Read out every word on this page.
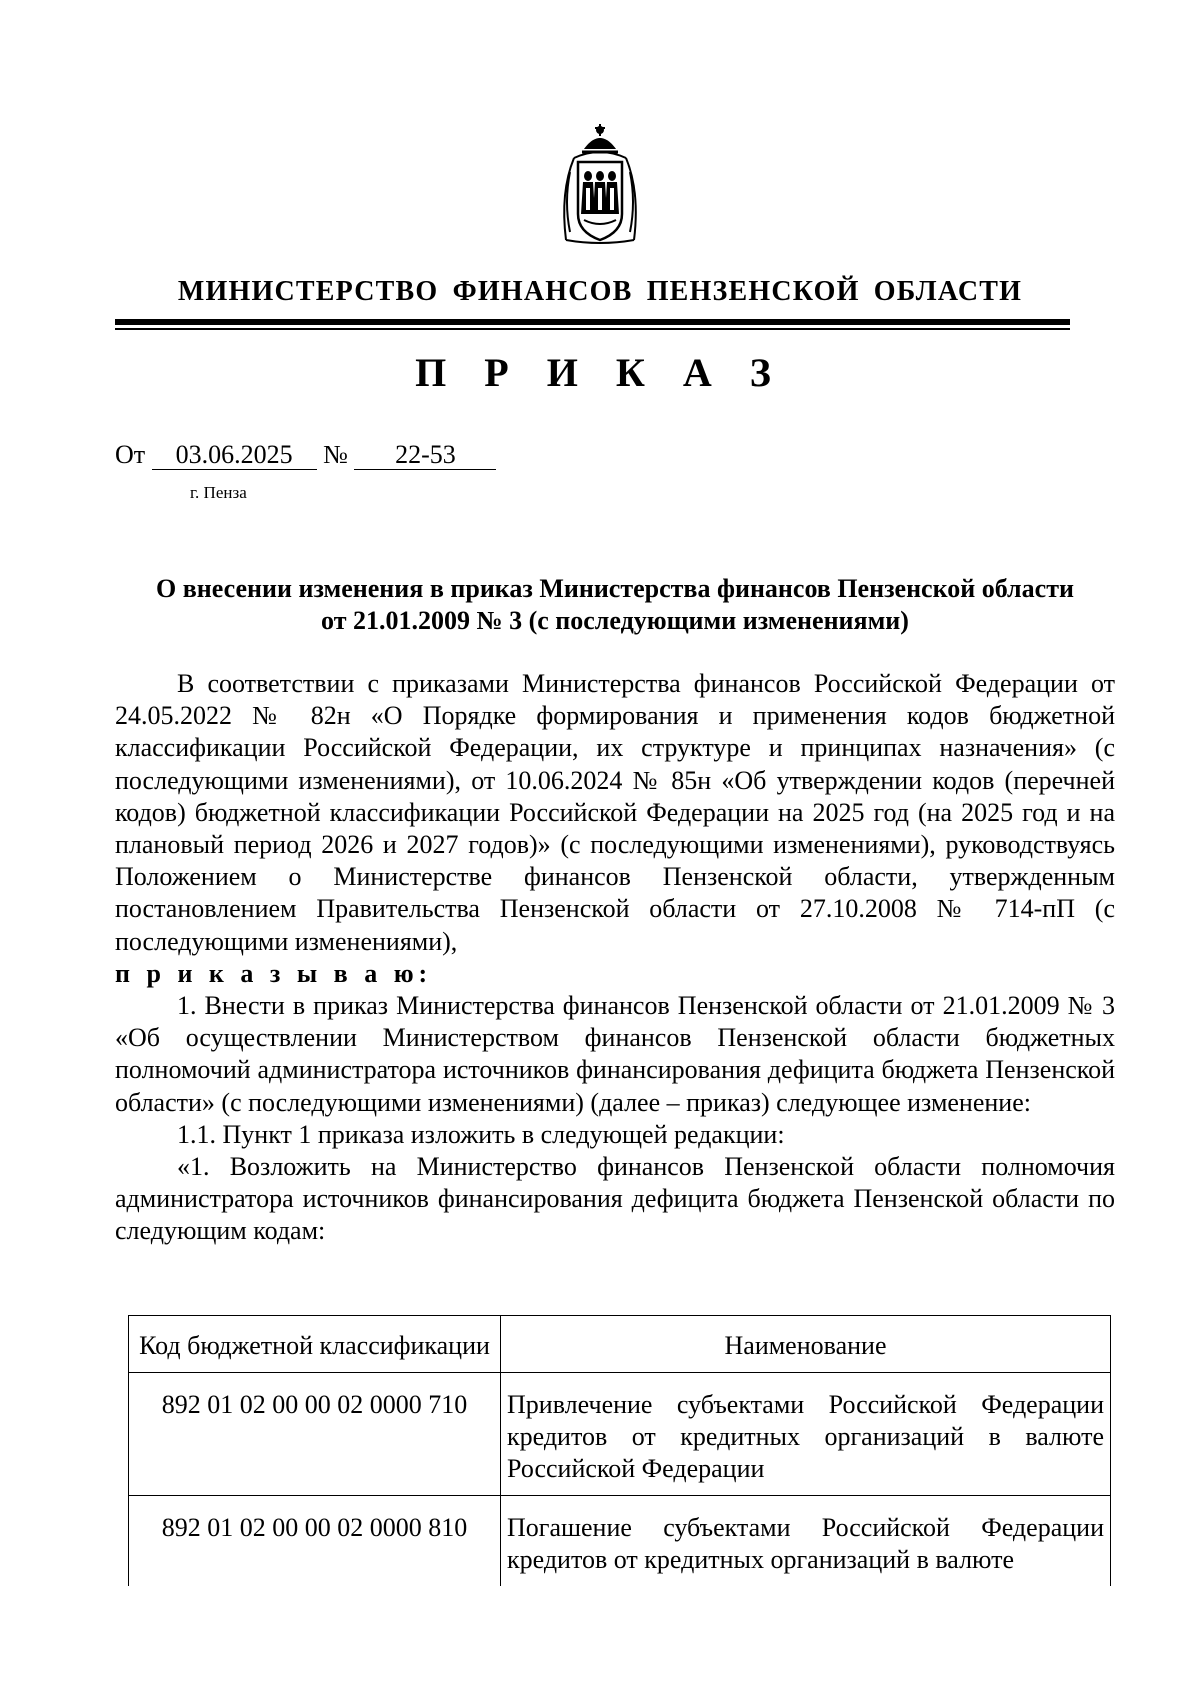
МИНИСТЕРСТВО ФИНАНСОВ ПЕНЗЕНСКОЙ ОБЛАСТИ
П Р И К А З
От 03.06.2025 № 22-53
г. Пенза
О внесении изменения в приказ Министерства финансов Пензенской области
от 21.01.2009 № 3 (с последующими изменениями)

В соответствии с приказами Министерства финансов Российской Федерации от 24.05.2022 № 82н «О Порядке формирования и применения кодов бюджетной классификации Российской Федерации, их структуре и принципах назначения» (с последующими изменениями), от 10.06.2024 № 85н «Об утверждении кодов (перечней кодов) бюджетной классификации Российской Федерации на 2025 год (на 2025 год и на плановый период 2026 и 2027 годов)» (с последующими изменениями), руководствуясь Положением о Министерстве финансов Пензенской области, утвержденным постановлением Правительства Пензенской области от 27.10.2008 № 714-пП (с последующими изменениями),

п р и к а з ы в а ю:

1. Внести в приказ Министерства финансов Пензенской области от 21.01.2009 № 3 «Об осуществлении Министерством финансов Пензенской области бюджетных полномочий администратора источников финансирования дефицита бюджета Пензенской области» (с последующими изменениями) (далее – приказ) следующее изменение:

1.1. Пункт 1 приказа изложить в следующей редакции:

«1. Возложить на Министерство финансов Пензенской области полномочия администратора источников финансирования дефицита бюджета Пензенской области по следующим кодам:

Код бюджетной классификации	Наименование
892 01 02 00 00 02 0000 710	Привлечение субъектами Российской Федерации кредитов от кредитных организаций в валюте Российской Федерации

892 01 02 00 00 02 0000 810	Погашение субъектами Российской Федерации кредитов от кредитных организаций в валюте
